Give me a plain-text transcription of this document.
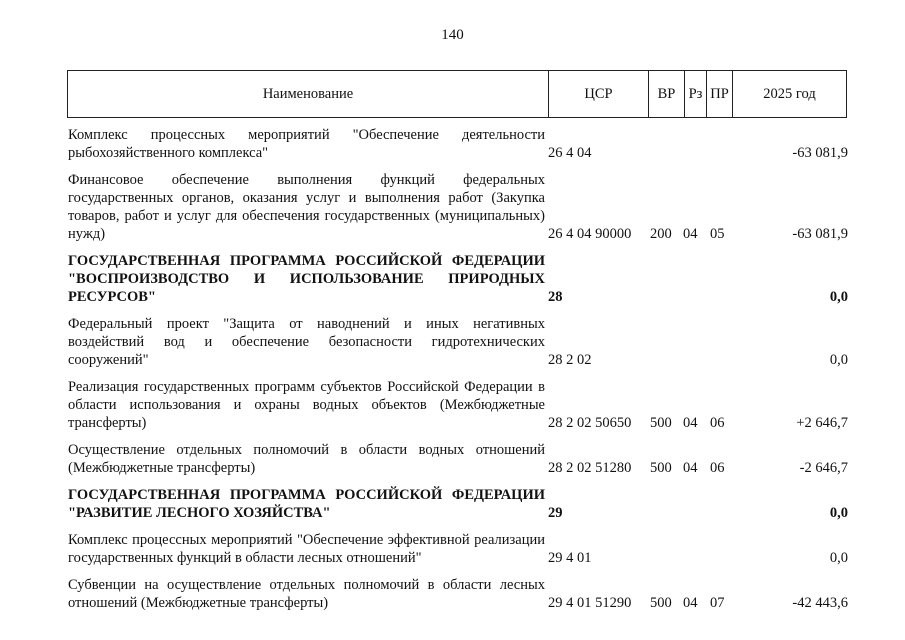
140
Наименование	ЦСР	ВР Рз ПР	2025 год
Комплекс процессных мероприятий "Обеспечение деятельности рыбохозяйственного комплекса"	26 4 04	-63 081,9
Финансовое обеспечение выполнения функций федеральных государственных органов, оказания услуг и выполнения работ (Закупка товаров, работ и услуг для обеспечения государственных (муниципальных) нужд)	26 4 04 90000	200 04 05	-63 081,9
ГОСУДАРСТВЕННАЯ ПРОГРАММА РОССИЙСКОЙ ФЕДЕРАЦИИ "ВОСПРОИЗВОДСТВО И ИСПОЛЬЗОВАНИЕ ПРИРОДНЫХ РЕСУРСОВ"	28	0,0
Федеральный проект "Защита от наводнений и иных негативных воздействий вод и обеспечение безопасности гидротехнических сооружений"	28 2 02	0,0
Реализация государственных программ субъектов Российской Федерации в области использования и охраны водных объектов (Межбюджетные трансферты)	28 2 02 50650	500 04 06	+2 646,7
Осуществление отдельных полномочий в области водных отношений (Межбюджетные трансферты)	28 2 02 51280	500 04 06	-2 646,7
ГОСУДАРСТВЕННАЯ ПРОГРАММА РОССИЙСКОЙ ФЕДЕРАЦИИ "РАЗВИТИЕ ЛЕСНОГО ХОЗЯЙСТВА"	29	0,0
Комплекс процессных мероприятий "Обеспечение эффективной реализации государственных функций в области лесных отношений"	29 4 01	0,0
Субвенции на осуществление отдельных полномочий в области лесных отношений (Межбюджетные трансферты)	29 4 01 51290	500 04 07	-42 443,6
